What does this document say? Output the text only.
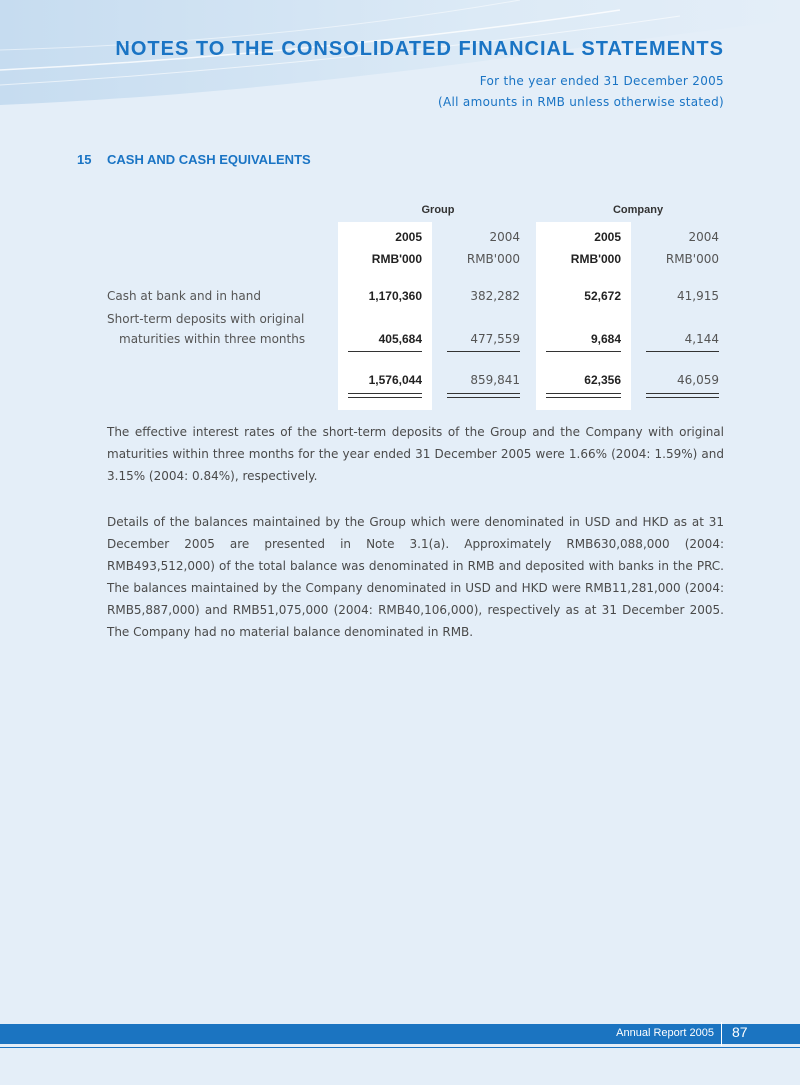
NOTES TO THE CONSOLIDATED FINANCIAL STATEMENTS
For the year ended 31 December 2005
(All amounts in RMB unless otherwise stated)
15 CASH AND CASH EQUIVALENTS
Group	Company
2005	2004	2005	2004
RMB'000	RMB'000	RMB'000	RMB'000
Cash at bank and in hand	1,170,360	382,282	52,672	41,915
Short-term deposits with original
maturities within three months	405,684	477,559	9,684	4,144
1,576,044	859,841	62,356	46,059

The effective interest rates of the short-term deposits of the Group and the Company with original maturities within three months for the year ended 31 December 2005 were 1.66% (2004: 1.59%) and 3.15% (2004: 0.84%), respectively.

Details of the balances maintained by the Group which were denominated in USD and HKD as at 31 December 2005 are presented in Note 3.1(a). Approximately RMB630,088,000 (2004: RMB493,512,000) of the total balance was denominated in RMB and deposited with banks in the PRC. The balances maintained by the Company denominated in USD and HKD were RMB11,281,000 (2004: RMB5,887,000) and RMB51,075,000 (2004: RMB40,106,000), respectively as at 31 December 2005. The Company had no material balance denominated in RMB.

Annual Report 2005 87
